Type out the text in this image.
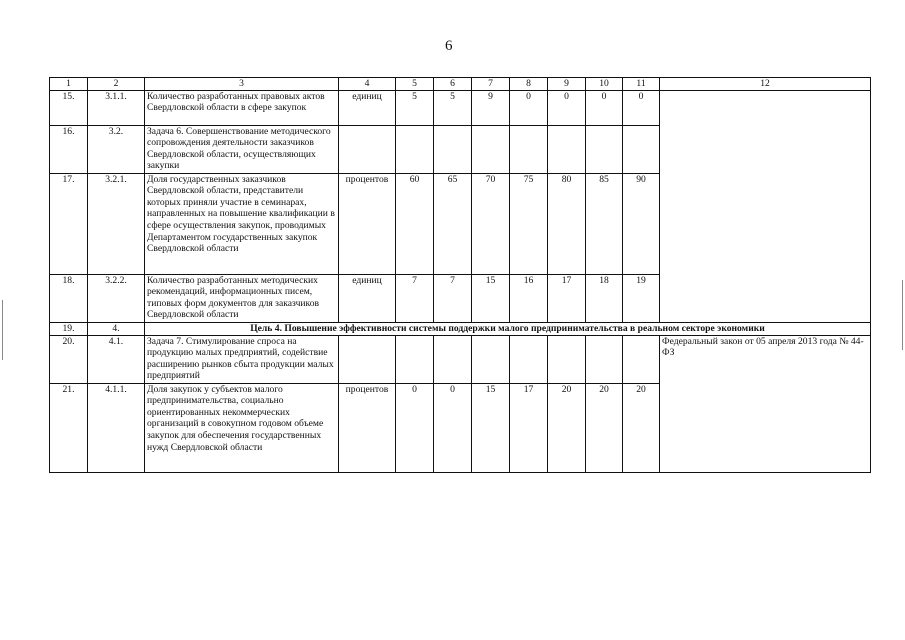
6
1	2	3	4	5	6	7	8	9	10	11	12
15.	3.1.1.	Количество разработанных правовых актов Свердловской области в сфере закупок	единиц	5	5	9	0	0	0	0	
16.	3.2.	Задача 6. Совершенствование методического сопровождения деятельности заказчиков Свердловской области, осуществляющих закупки									
17.	3.2.1.	Доля государственных заказчиков Свердловской области, представители которых приняли участие в семинарах, направленных на повышение квалификации в сфере осуществления закупок, проводимых Департаментом государственных закупок Свердловской области	процентов	60	65	70	75	80	85	90	
18.	3.2.2.	Количество разработанных методических рекомендаций, информационных писем, типовых форм документов для заказчиков Свердловской области	единиц	7	7	15	16	17	18	19	
19.	4.	Цель 4. Повышение эффективности системы поддержки малого предпринимательства в реальном секторе экономики									
20.	4.1.	Задача 7. Стимулирование спроса на продукцию малых предприятий, содействие расширению рынков сбыта продукции малых предприятий									Федеральный закон от 05 апреля 2013 года № 44-ФЗ
21.	4.1.1.	Доля закупок у субъектов малого предпринимательства, социально ориентированных некоммерческих организаций в совокупном годовом объеме закупок для обеспечения государственных нужд Свердловской области	процентов	0	0	15	17	20	20	20	
